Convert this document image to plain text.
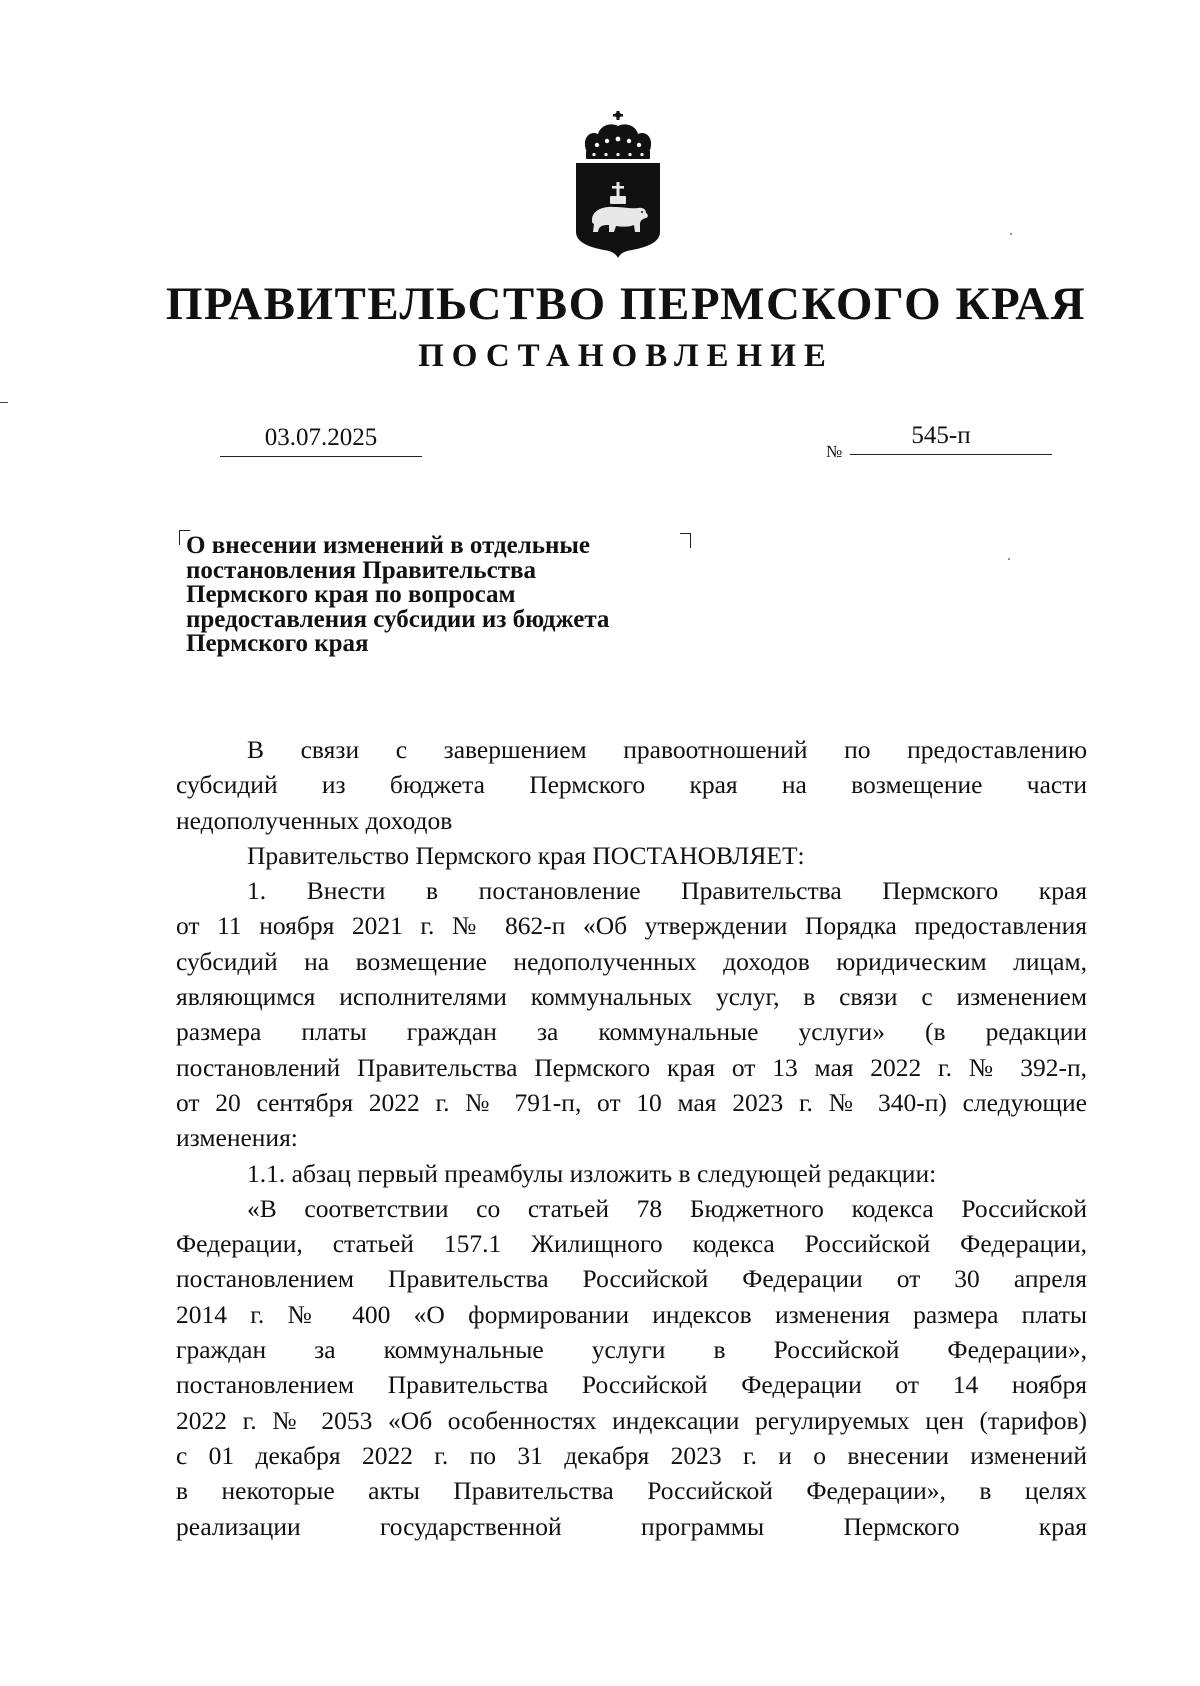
ПРАВИТЕЛЬСТВО ПЕРМСКОГО КРАЯ
ПОСТАНОВЛЕНИЕ
03.07.2025
№
545-п
О внесении изменений в отдельные
постановления Правительства
Пермского края по вопросам
предоставления субсидии из бюджета
Пермского края
В связи с завершением правоотношений по предоставлению
субсидий из бюджета Пермского края на возмещение части
недополученных доходов
Правительство Пермского края ПОСТАНОВЛЯЕТ:
1. Внести в постановление Правительства Пермского края
от 11 ноября 2021 г. № 862-п «Об утверждении Порядка предоставления
субсидий на возмещение недополученных доходов юридическим лицам,
являющимся исполнителями коммунальных услуг, в связи с изменением
размера платы граждан за коммунальные услуги» (в редакции
постановлений Правительства Пермского края от 13 мая 2022 г. № 392-п,
от 20 сентября 2022 г. № 791-п, от 10 мая 2023 г. № 340-п) следующие
изменения:
1.1. абзац первый преамбулы изложить в следующей редакции:
«В соответствии со статьей 78 Бюджетного кодекса Российской
Федерации, статьей 157.1 Жилищного кодекса Российской Федерации,
постановлением Правительства Российской Федерации от 30 апреля
2014 г. № 400 «О формировании индексов изменения размера платы
граждан за коммунальные услуги в Российской Федерации»,
постановлением Правительства Российской Федерации от 14 ноября
2022 г. № 2053 «Об особенностях индексации регулируемых цен (тарифов)
с 01 декабря 2022 г. по 31 декабря 2023 г. и о внесении изменений
в некоторые акты Правительства Российской Федерации», в целях
реализации государственной программы Пермского края
